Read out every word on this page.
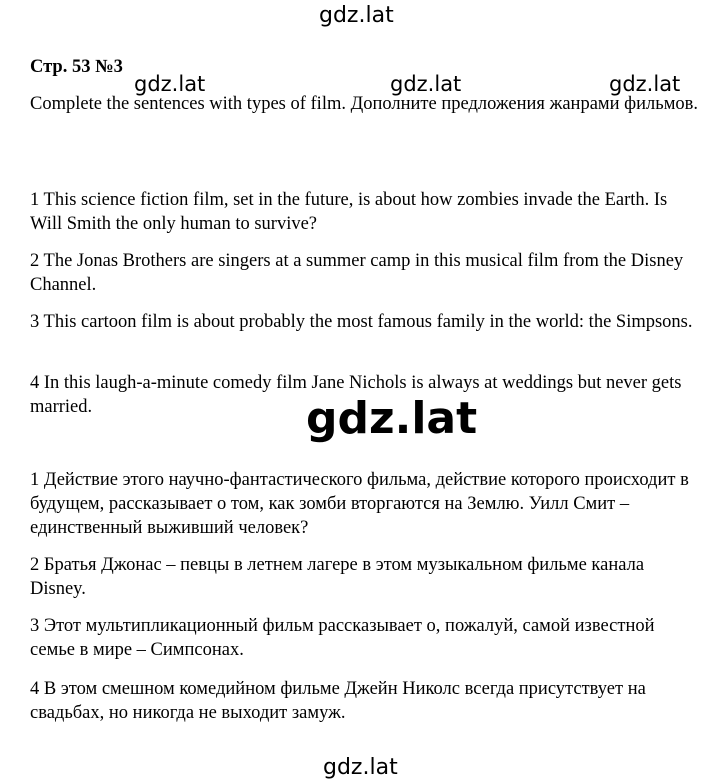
gdz.lat
gdz.lat	gdz.lat	gdz.lat

Стр. 53 №3

Complete the sentences with types of film. Дополните предложения жанрами фильмов.

1 This science fiction film, set in the future, is about how zombies invade the Earth. Is Will Smith the only human to survive?

2 The Jonas Brothers are singers at a summer camp in this musical film from the Disney Channel.

3 This cartoon film is about probably the most famous family in the world: the Simpsons.

4 In this laugh-a-minute comedy film Jane Nichols is always at weddings but never gets married.	gdz.lat

1 Действие этого научно-фантастического фильма, действие которого происходит в будущем, рассказывает о том, как зомби вторгаются на Землю. Уилл Смит – единственный выживший человек?

2 Братья Джонас – певцы в летнем лагере в этом музыкальном фильме канала Disney.

3 Этот мультипликационный фильм рассказывает о, пожалуй, самой известной семье в мире – Симпсонах.

4 В этом смешном комедийном фильме Джейн Николс всегда присутствует на свадьбах, но никогда не выходит замуж.

gdz.lat
